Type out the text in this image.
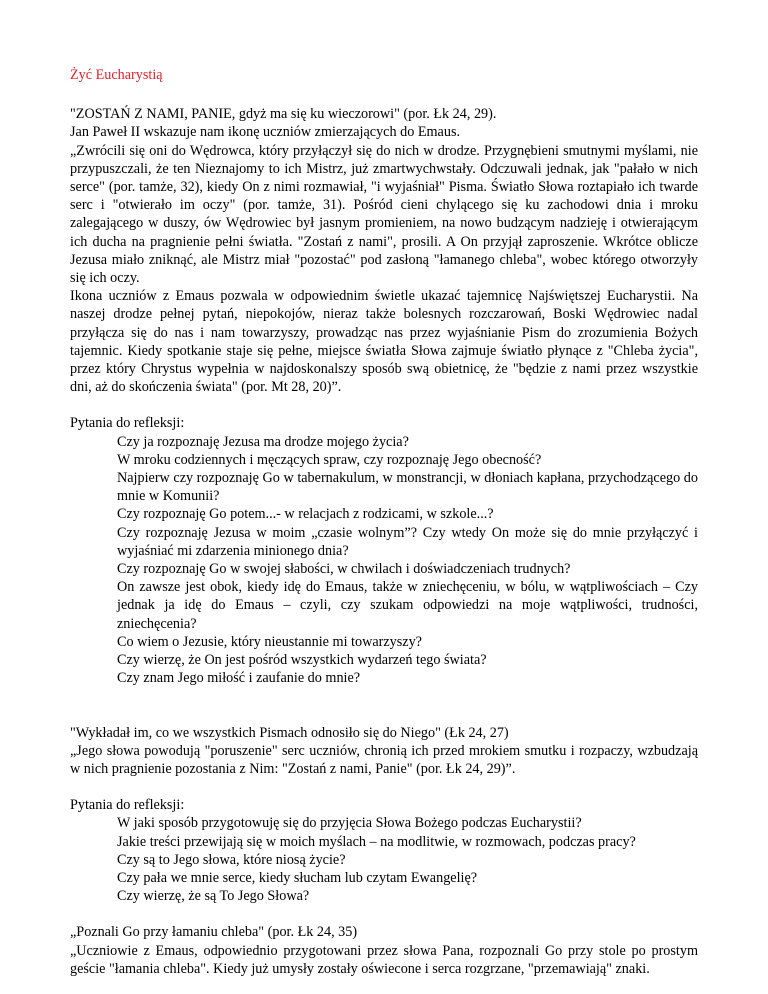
Żyć Eucharystią

"ZOSTAŃ Z NAMI, PANIE, gdyż ma się ku wieczorowi" (por. Łk 24, 29).

Jan Paweł II wskazuje nam ikonę uczniów zmierzających do Emaus.

„Zwrócili się oni do Wędrowca, który przyłączył się do nich w drodze. Przygnębieni smutnymi myślami, nie przypuszczali, że ten Nieznajomy to ich Mistrz, już zmartwychwstały. Odczuwali jednak, jak "pałało w nich serce" (por. tamże, 32), kiedy On z nimi rozmawiał, "i wyjaśniał" Pisma. Światło Słowa roztapiało ich twarde serc i "otwierało im oczy" (por. tamże, 31). Pośród cieni chylącego się ku zachodowi dnia i mroku zalegającego w duszy, ów Wędrowiec był jasnym promieniem, na nowo budzącym nadzieję i otwierającym ich ducha na pragnienie pełni światła. "Zostań z nami", prosili. A On przyjął zaproszenie. Wkrótce oblicze Jezusa miało zniknąć, ale Mistrz miał "pozostać" pod zasłoną "łamanego chleba", wobec którego otworzyły się ich oczy.

Ikona uczniów z Emaus pozwala w odpowiednim świetle ukazać tajemnicę Najświętszej Eucharystii. Na naszej drodze pełnej pytań, niepokojów, nieraz także bolesnych rozczarowań, Boski Wędrowiec nadal przyłącza się do nas i nam towarzyszy, prowadząc nas przez wyjaśnianie Pism do zrozumienia Bożych tajemnic. Kiedy spotkanie staje się pełne, miejsce światła Słowa zajmuje światło płynące z "Chleba życia", przez który Chrystus wypełnia w najdoskonalszy sposób swą obietnicę, że "będzie z nami przez wszystkie dni, aż do skończenia świata" (por. Mt 28, 20)”.

Pytania do refleksji:

Czy ja rozpoznaję Jezusa ma drodze mojego życia?
W mroku codziennych i męczących spraw, czy rozpoznaję Jego obecność?
Najpierw czy rozpoznaję Go w tabernakulum, w monstrancji, w dłoniach kapłana, przychodzącego do mnie w Komunii?
Czy rozpoznaję Go potem...- w relacjach z rodzicami, w szkole...?
Czy rozpoznaję Jezusa w moim „czasie wolnym”? Czy wtedy On może się do mnie przyłączyć i wyjaśniać mi zdarzenia minionego dnia?
Czy rozpoznaję Go w swojej słabości, w chwilach i doświadczeniach trudnych?
On zawsze jest obok, kiedy idę do Emaus, także w zniechęceniu, w bólu, w wątpliwościach – Czy jednak ja idę do Emaus – czyli, czy szukam odpowiedzi na moje wątpliwości, trudności, zniechęcenia?
Co wiem o Jezusie, który nieustannie mi towarzyszy?
Czy wierzę, że On jest pośród wszystkich wydarzeń tego świata?
Czy znam Jego miłość i zaufanie do mnie?

"Wykładał im, co we wszystkich Pismach odnosiło się do Niego" (Łk 24, 27)

„Jego słowa powodują "poruszenie" serc uczniów, chronią ich przed mrokiem smutku i rozpaczy, wzbudzają w nich pragnienie pozostania z Nim: "Zostań z nami, Panie" (por. Łk 24, 29)”.

Pytania do refleksji:

W jaki sposób przygotowuję się do przyjęcia Słowa Bożego podczas Eucharystii?
Jakie treści przewijają się w moich myślach – na modlitwie, w rozmowach, podczas pracy?
Czy są to Jego słowa, które niosą życie?
Czy pała we mnie serce, kiedy słucham lub czytam Ewangelię?
Czy wierzę, że są To Jego Słowa?

„Poznali Go przy łamaniu chleba" (por. Łk 24, 35)

„Uczniowie z Emaus, odpowiednio przygotowani przez słowa Pana, rozpoznali Go przy stole po prostym geście "łamania chleba". Kiedy już umysły zostały oświecone i serca rozgrzane, "przemawiają" znaki.
